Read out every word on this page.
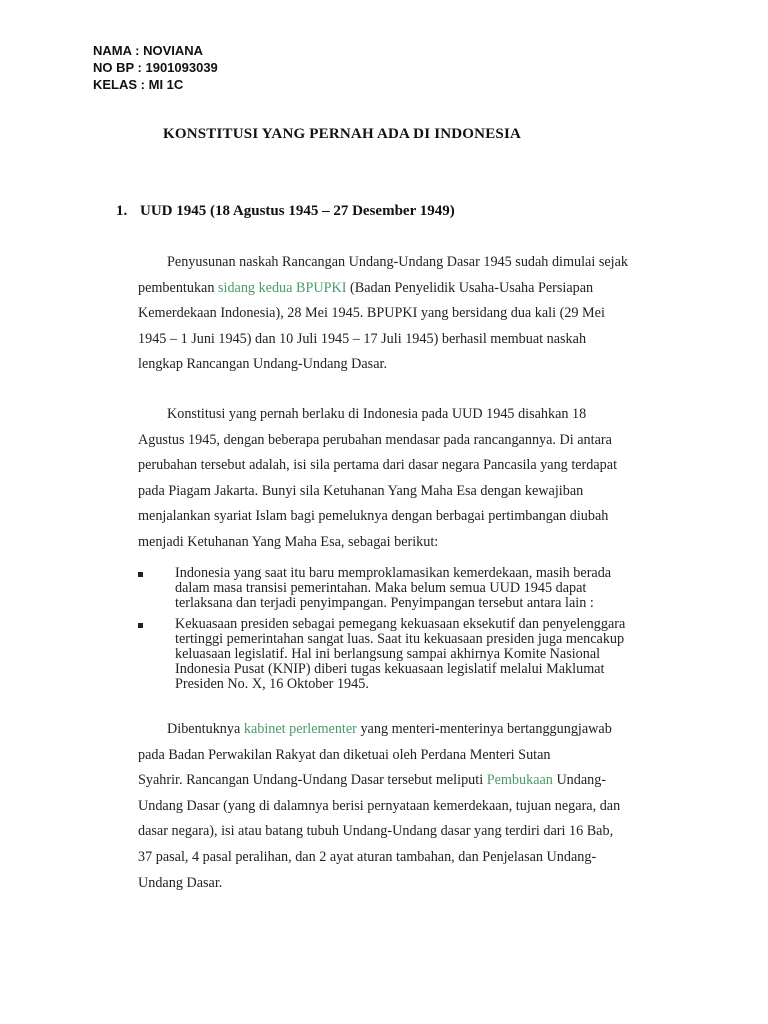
NAMA : NOVIANA
NO BP : 1901093039
KELAS : MI 1C
KONSTITUSI YANG PERNAH ADA DI INDONESIA
1. UUD 1945 (18 Agustus 1945 – 27 Desember 1949)
Penyusunan naskah Rancangan Undang-Undang Dasar 1945 sudah dimulai sejak
pembentukan sidang kedua BPUPKI (Badan Penyelidik Usaha-Usaha Persiapan
Kemerdekaan Indonesia), 28 Mei 1945. BPUPKI yang bersidang dua kali (29 Mei
1945 – 1 Juni 1945) dan 10 Juli 1945 – 17 Juli 1945) berhasil membuat naskah
lengkap Rancangan Undang-Undang Dasar.
Konstitusi yang pernah berlaku di Indonesia pada UUD 1945 disahkan 18
Agustus 1945, dengan beberapa perubahan mendasar pada rancangannya. Di antara
perubahan tersebut adalah, isi sila pertama dari dasar negara Pancasila yang terdapat
pada Piagam Jakarta. Bunyi sila Ketuhanan Yang Maha Esa dengan kewajiban
menjalankan syariat Islam bagi pemeluknya dengan berbagai pertimbangan diubah
menjadi Ketuhanan Yang Maha Esa, sebagai berikut:
Indonesia yang saat itu baru memproklamasikan kemerdekaan, masih berada
dalam masa transisi pemerintahan. Maka belum semua UUD 1945 dapat
terlaksana dan terjadi penyimpangan. Penyimpangan tersebut antara lain :
Kekuasaan presiden sebagai pemegang kekuasaan eksekutif dan penyelenggara
tertinggi pemerintahan sangat luas. Saat itu kekuasaan presiden juga mencakup
keluasaan legislatif. Hal ini berlangsung sampai akhirnya Komite Nasional
Indonesia Pusat (KNIP) diberi tugas kekuasaan legislatif melalui Maklumat
Presiden No. X, 16 Oktober 1945.
Dibentuknya kabinet perlementer yang menteri-menterinya bertanggungjawab
pada Badan Perwakilan Rakyat dan diketuai oleh Perdana Menteri Sutan
Syahrir. Rancangan Undang-Undang Dasar tersebut meliputi Pembukaan Undang-
Undang Dasar (yang di dalamnya berisi pernyataan kemerdekaan, tujuan negara, dan
dasar negara), isi atau batang tubuh Undang-Undang dasar yang terdiri dari 16 Bab,
37 pasal, 4 pasal peralihan, dan 2 ayat aturan tambahan, dan Penjelasan Undang-
Undang Dasar.
